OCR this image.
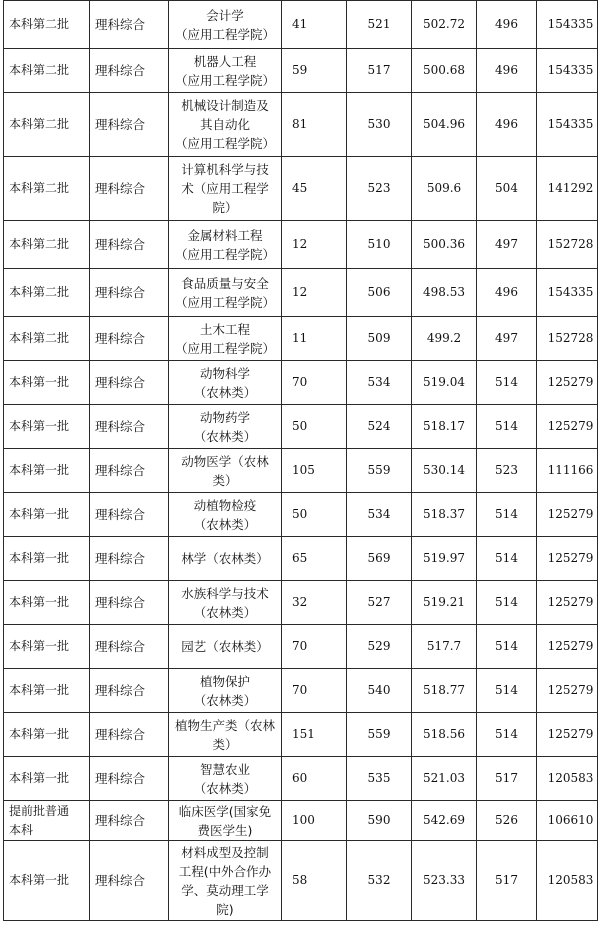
本科第二批	理科综合	会计学
（应用工程学院）	41	521	502.72	496	154335
本科第二批	理科综合	机器人工程
（应用工程学院）	59	517	500.68	496	154335
本科第二批	理科综合	机械设计制造及
其自动化
（应用工程学院）	81	530	504.96	496	154335
本科第二批	理科综合	计算机科学与技
术（应用工程学
院）	45	523	509.6	504	141292
本科第二批	理科综合	金属材料工程
（应用工程学院）	12	510	500.36	497	152728
本科第二批	理科综合	食品质量与安全
（应用工程学院）	12	506	498.53	496	154335
本科第二批	理科综合	土木工程
（应用工程学院）	11	509	499.2	497	152728
本科第一批	理科综合	动物科学
（农林类）	70	534	519.04	514	125279
本科第一批	理科综合	动物药学
（农林类）	50	524	518.17	514	125279
本科第一批	理科综合	动物医学（农林
类）	105	559	530.14	523	111166
本科第一批	理科综合	动植物检疫
（农林类）	50	534	518.37	514	125279
本科第一批	理科综合	林学（农林类）	65	569	519.97	514	125279
本科第一批	理科综合	水族科学与技术
（农林类）	32	527	519.21	514	125279
本科第一批	理科综合	园艺（农林类）	70	529	517.7	514	125279
本科第一批	理科综合	植物保护
（农林类）	70	540	518.77	514	125279
本科第一批	理科综合	植物生产类（农林
类）	151	559	518.56	514	125279
本科第一批	理科综合	智慧农业
（农林类）	60	535	521.03	517	120583
提前批普通
本科	理科综合	临床医学(国家免
费医学生)	100	590	542.69	526	106610
本科第一批	理科综合	材料成型及控制
工程(中外合作办
学、莫动理工学
院)	58	532	523.33	517	120583
